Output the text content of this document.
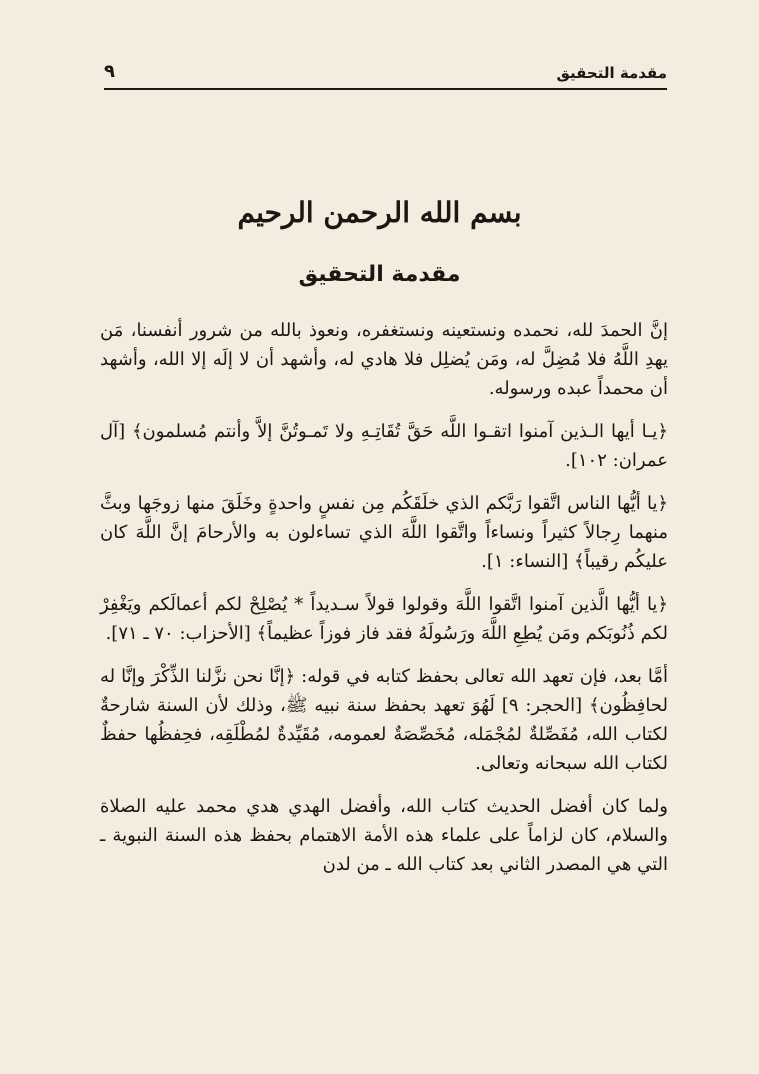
مقدمة التحقيق
٩
بسم الله الرحمن الرحيم
مقدمة التحقيق

إنَّ الحمدَ لله، نحمده ونستعينه ونستغفره، ونعوذ بالله من شرور أنفسنا، مَن يهدِ اللَّهُ فلا مُضِلَّ له، ومَن يُضلِل فلا هادي له، وأشهد أن لا إلَه إلا الله، وأشهد أن محمداً عبده ورسوله.

﴿يـا أيها الـذين آمنوا اتقـوا اللَّه حَقَّ تُقَاتِـهِ ولا تَمـوتُنَّ إلاَّ وأنتم مُسلمون﴾ [آل عمران: ١٠٢].

﴿يا أيُّها الناس اتَّقوا رَبَّكم الذي خلَقَكُم مِن نفسٍ واحدةٍ وخَلَقَ منها زوجَها وبثَّ منهما رِجالاً كثيراً ونساءاً واتَّقوا اللَّهَ الذي تساءلون به والأرحامَ إنَّ اللَّهَ كان عليكُم رقيباً﴾ [النساء: ١].

﴿يا أيُّها الَّذين آمنوا اتَّقوا اللَّهَ وقولوا قولاً سـديداً * يُصْلِحْ لكم أعمالَكم ويَغْفِرْ لكم ذُنُوبَكم ومَن يُطِعِ اللَّهَ ورَسُولَهُ فقد فاز فوزاً عظيماً﴾ [الأحزاب: ٧٠ ـ ٧١].

أمَّا بعد، فإن تعهد الله تعالى بحفظ كتابه في قوله: ﴿إنَّا نحن نزَّلنا الذِّكْرَ وإنَّا له لحافِظُون﴾ [الحجر: ٩] لَهُوَ تعهد بحفظ سنة نبيه ﷺ، وذلك لأن السنة شارحةٌ لكتاب الله، مُفَصِّلةٌ لمُجْمَله، مُخَصِّصَةٌ لعمومه، مُقَيِّدةٌ لمُطْلَقِه، فحِفظُها حفظٌ لكتاب الله سبحانه وتعالى.

ولما كان أفضل الحديث كتاب الله، وأفضل الهدي هدي محمد عليه الصلاة والسلام، كان لزاماً على علماء هذه الأمة الاهتمام بحفظ هذه السنة النبوية ـ التي هي المصدر الثاني بعد كتاب الله ـ من لدن
